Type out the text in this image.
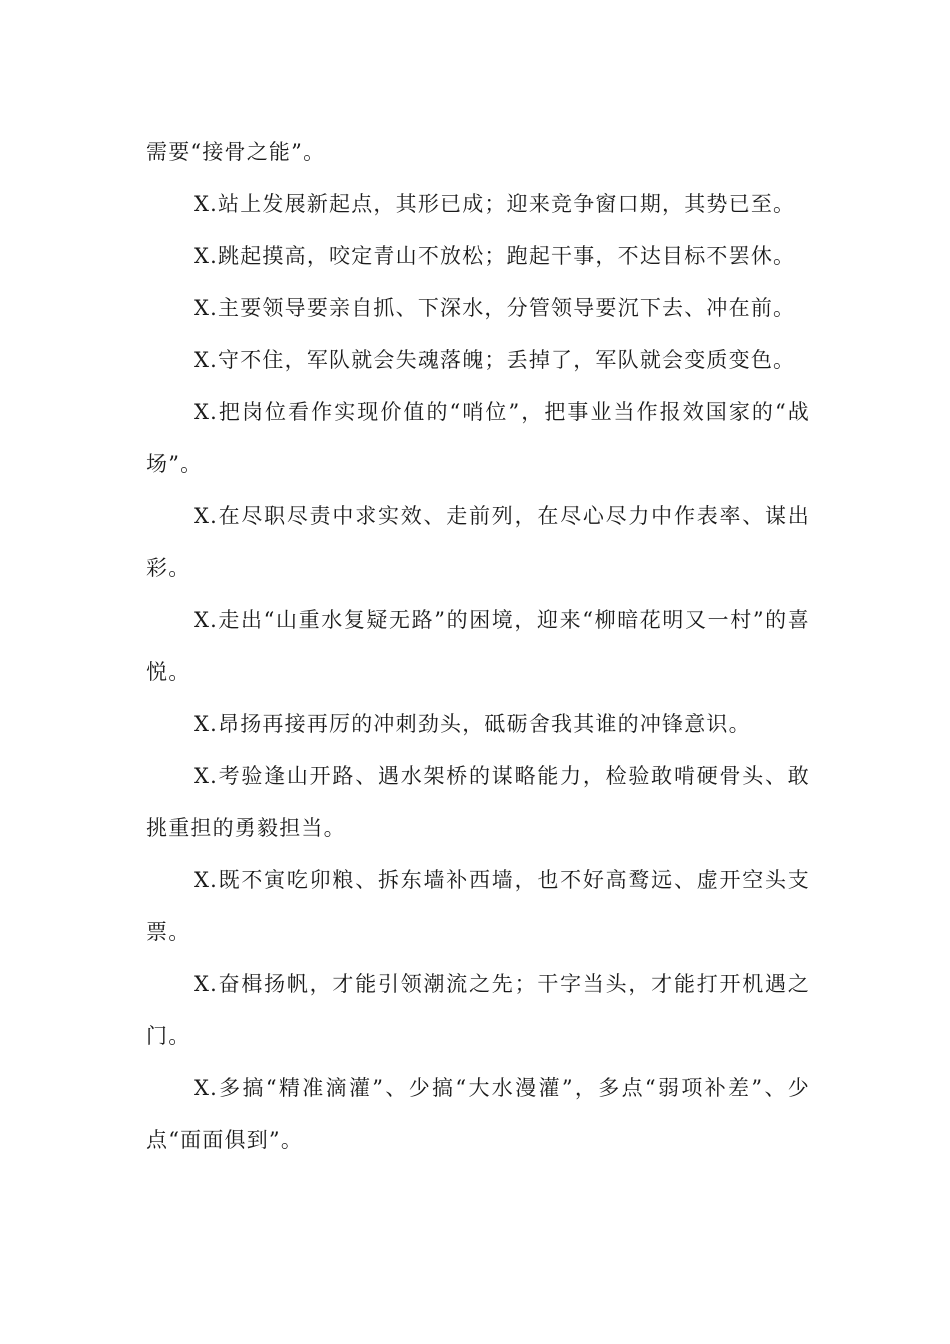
需要“接骨之能”。

X.站上发展新起点，其形已成；迎来竞争窗口期，其势已至。

X.跳起摸高，咬定青山不放松；跑起干事，不达目标不罢休。

X.主要领导要亲自抓、下深水，分管领导要沉下去、冲在前。

X.守不住，军队就会失魂落魄；丢掉了，军队就会变质变色。

X.把岗位看作实现价值的“哨位”，把事业当作报效国家的“战场”。

X.在尽职尽责中求实效、走前列，在尽心尽力中作表率、谋出彩。

X.走出“山重水复疑无路”的困境，迎来“柳暗花明又一村”的喜悦。

X.昂扬再接再厉的冲刺劲头，砥砺舍我其谁的冲锋意识。

X.考验逢山开路、遇水架桥的谋略能力，检验敢啃硬骨头、敢挑重担的勇毅担当。

X.既不寅吃卯粮、拆东墙补西墙，也不好高鹜远、虚开空头支票。

X.奋楫扬帆，才能引领潮流之先；干字当头，才能打开机遇之门。

X.多搞“精准滴灌”、少搞“大水漫灌”，多点“弱项补差”、少点“面面俱到”。
